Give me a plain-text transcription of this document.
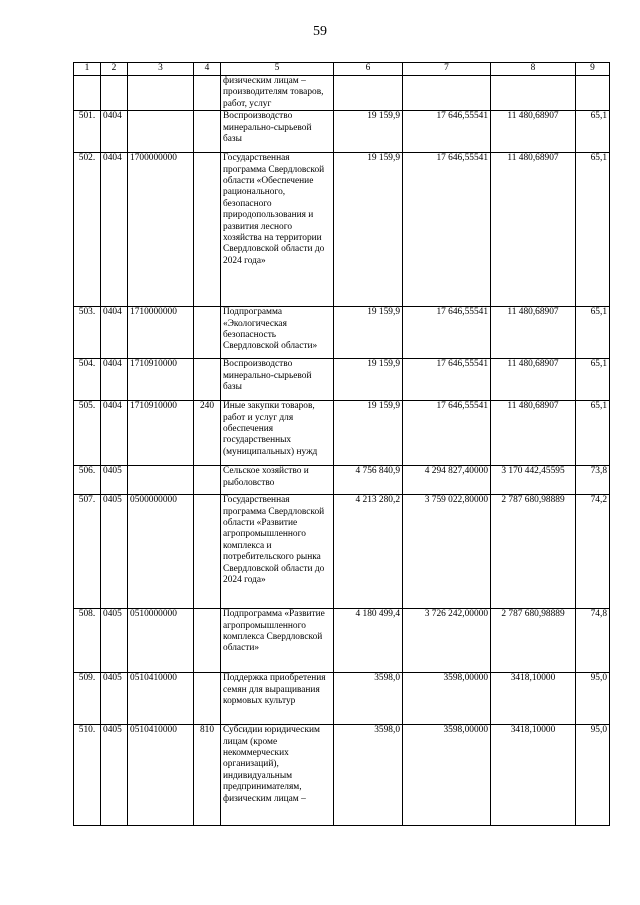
59
1	2	3	4	5	6	7	8	9
				физическим лицам – производителям товаров, работ, услуг				
501.	0404			Воспроизводство минерально-сырьевой базы	19 159,9	17 646,55541	11 480,68907	65,1
502.	0404	1700000000		Государственная программа Свердловской области «Обеспечение рационального, безопасного природопользования и развития лесного хозяйства на территории Свердловской области до 2024 года»	19 159,9	17 646,55541	11 480,68907	65,1
503.	0404	1710000000		Подпрограмма «Экологическая безопасность Свердловской области»	19 159,9	17 646,55541	11 480,68907	65,1
504.	0404	1710910000		Воспроизводство минерально-сырьевой базы	19 159,9	17 646,55541	11 480,68907	65,1
505.	0404	1710910000	240	Иные закупки товаров, работ и услуг для обеспечения государственных (муниципальных) нужд	19 159,9	17 646,55541	11 480,68907	65,1
506.	0405			Сельское хозяйство и рыболовство	4 756 840,9	4 294 827,40000	3 170 442,45595	73,8
507.	0405	0500000000		Государственная программа Свердловской области «Развитие агропромышленного комплекса и потребительского рынка Свердловской области до 2024 года»	4 213 280,2	3 759 022,80000	2 787 680,98889	74,2
508.	0405	0510000000		Подпрограмма «Развитие агропромышленного комплекса Свердловской области»	4 180 499,4	3 726 242,00000	2 787 680,98889	74,8
509.	0405	0510410000		Поддержка приобретения семян для выращивания кормовых культур	3598,0	3598,00000	3418,10000	95,0
510.	0405	0510410000	810	Субсидии юридическим лицам (кроме некоммерческих организаций), индивидуальным предпринимателям, физическим лицам –	3598,0	3598,00000	3418,10000	95,0
